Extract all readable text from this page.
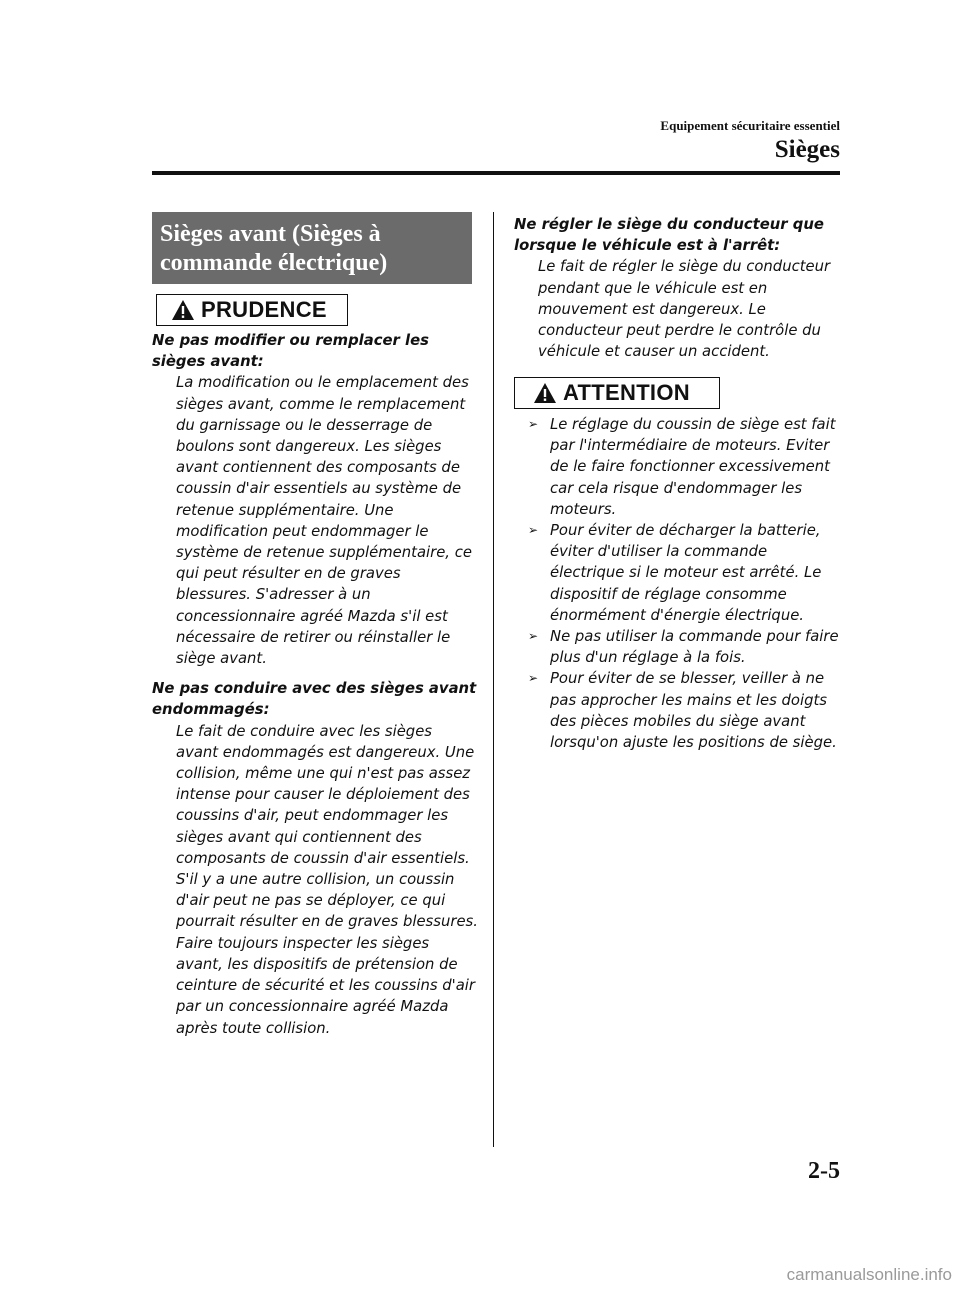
Equipement sécuritaire essentiel
Sièges
Sièges avant (Sièges à
commande électrique)
PRUDENCE
Ne pas modifier ou remplacer les sièges avant:
La modification ou le emplacement des sièges avant, comme le remplacement du garnissage ou le desserrage de boulons sont dangereux. Les sièges avant contiennent des composants de coussin d'air essentiels au système de retenue supplémentaire. Une modification peut endommager le système de retenue supplémentaire, ce qui peut résulter en de graves blessures. S'adresser à un concessionnaire agréé Mazda s'il est nécessaire de retirer ou réinstaller le siège avant.
Ne pas conduire avec des sièges avant endommagés:
Le fait de conduire avec les sièges avant endommagés est dangereux. Une collision, même une qui n'est pas assez intense pour causer le déploiement des coussins d'air, peut endommager les sièges avant qui contiennent des composants de coussin d'air essentiels. S'il y a une autre collision, un coussin d'air peut ne pas se déployer, ce qui pourrait résulter en de graves blessures. Faire toujours inspecter les sièges avant, les dispositifs de prétension de ceinture de sécurité et les coussins d'air par un concessionnaire agréé Mazda après toute collision.
Ne régler le siège du conducteur que lorsque le véhicule est à l'arrêt:
Le fait de régler le siège du conducteur pendant que le véhicule est en mouvement est dangereux. Le conducteur peut perdre le contrôle du véhicule et causer un accident.
ATTENTION
➢ Le réglage du coussin de siège est fait par l'intermédiaire de moteurs. Eviter de le faire fonctionner excessivement car cela risque d'endommager les moteurs.
➢ Pour éviter de décharger la batterie, éviter d'utiliser la commande électrique si le moteur est arrêté. Le dispositif de réglage consomme énormément d'énergie électrique.
➢ Ne pas utiliser la commande pour faire plus d'un réglage à la fois.
➢ Pour éviter de se blesser, veiller à ne pas approcher les mains et les doigts des pièces mobiles du siège avant lorsqu'on ajuste les positions de siège.
2-5
carmanualsonline.info
